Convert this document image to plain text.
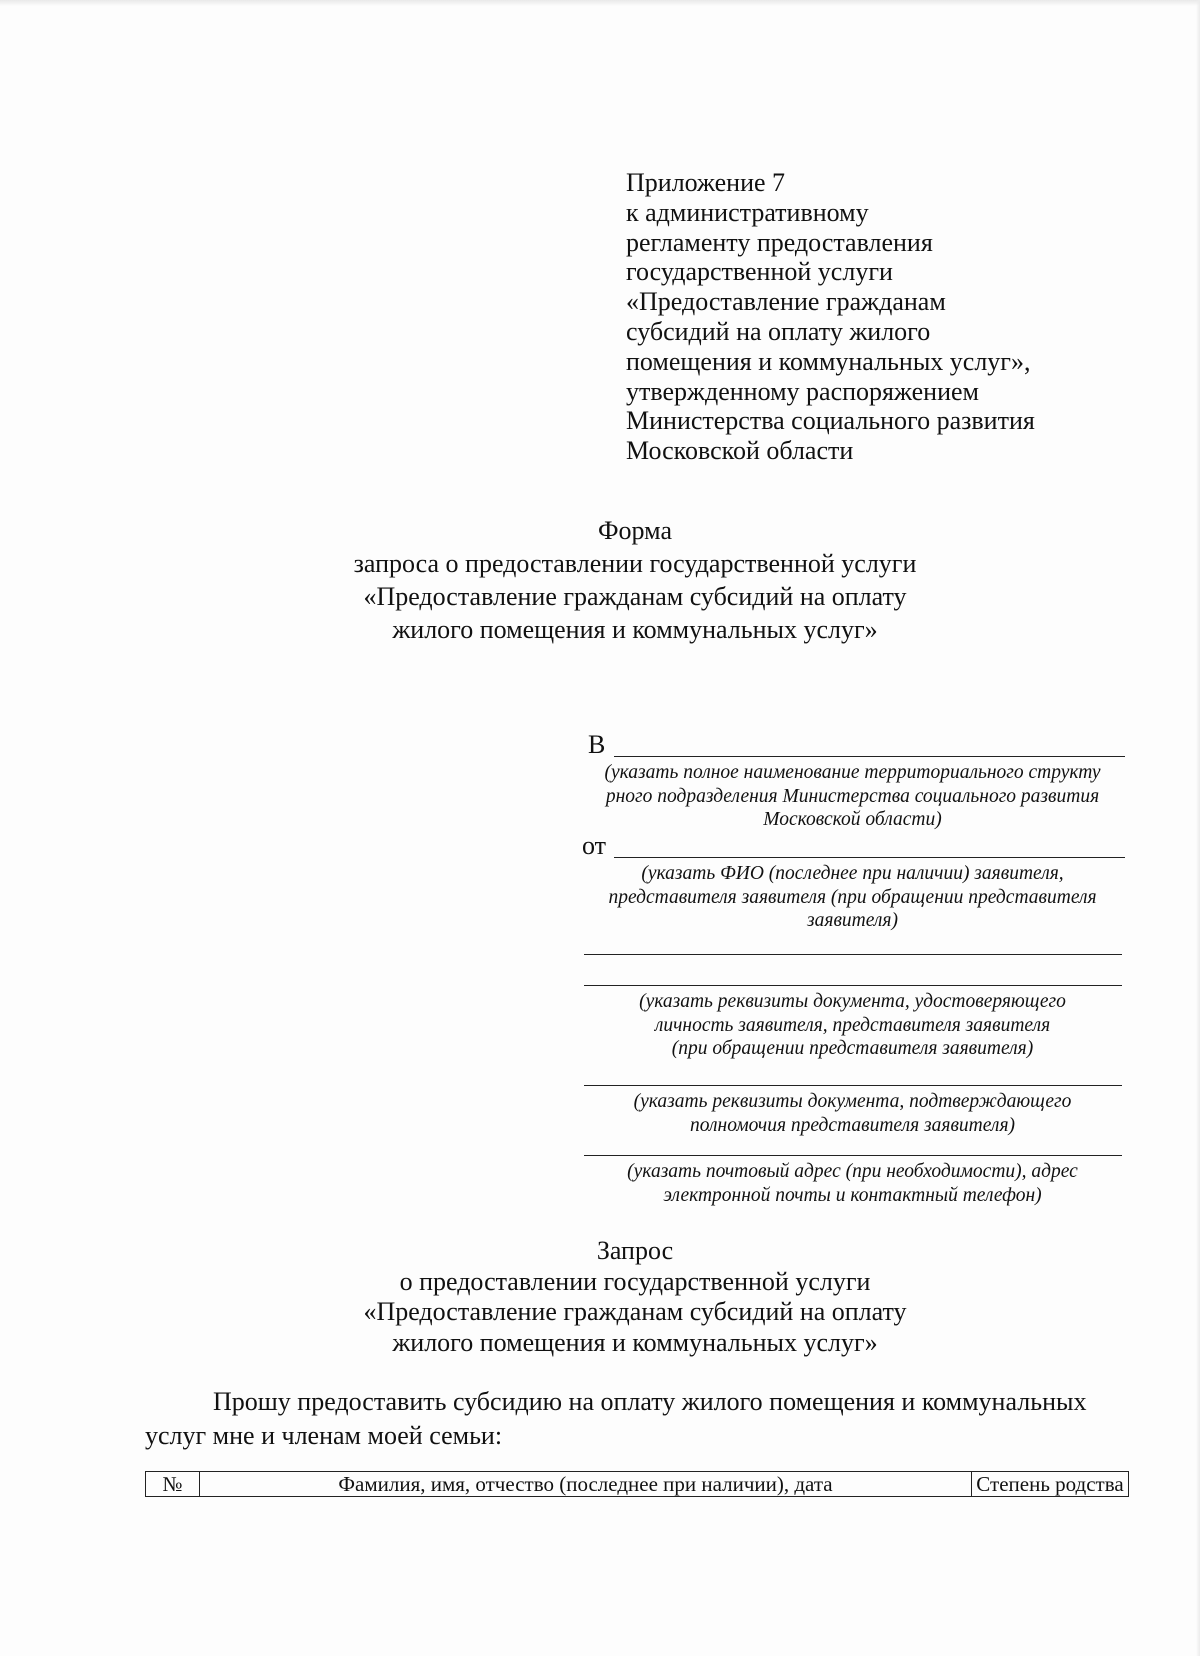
Приложение 7
к административному
регламенту предоставления
государственной услуги
«Предоставление гражданам
субсидий на оплату жилого
помещения и коммунальных услуг»,
утвержденному распоряжением
Министерства социального развития
Московской области
Форма
запроса о предоставлении государственной услуги
«Предоставление гражданам субсидий на оплату
жилого помещения и коммунальных услуг»
В
(указать полное наименование территориального структу
рного подразделения Министерства социального развития
Московской области)
от
(указать ФИО (последнее при наличии) заявителя,
представителя заявителя (при обращении представителя
заявителя)
(указать реквизиты документа, удостоверяющего
личность заявителя, представителя заявителя
(при обращении представителя заявителя)
(указать реквизиты документа, подтверждающего
полномочия представителя заявителя)
(указать почтовый адрес (при необходимости), адрес
электронной почты и контактный телефон)
Запрос
о предоставлении государственной услуги
«Предоставление гражданам субсидий на оплату
жилого помещения и коммунальных услуг»
Прошу предоставить субсидию на оплату жилого помещения и коммунальных
услуг мне и членам моей семьи:
№	Фамилия, имя, отчество (последнее при наличии), дата	Степень родства
